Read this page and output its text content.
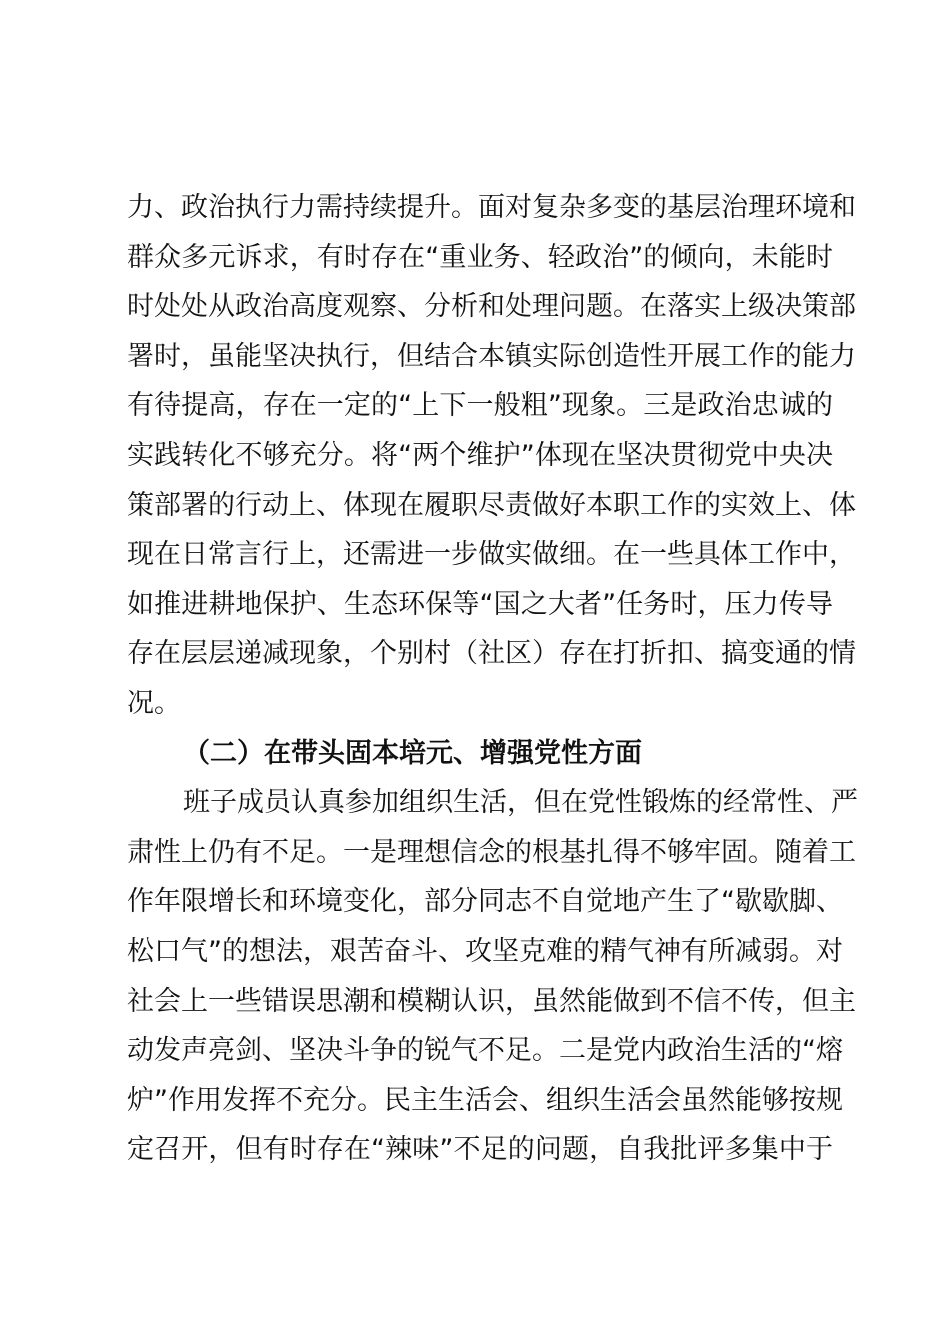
力、政治执行力需持续提升。面对复杂多变的基层治理环境和
群众多元诉求，有时存在“重业务、轻政治”的倾向，未能时
时处处从政治高度观察、分析和处理问题。在落实上级决策部
署时，虽能坚决执行，但结合本镇实际创造性开展工作的能力
有待提高，存在一定的“上下一般粗”现象。三是政治忠诚的
实践转化不够充分。将“两个维护”体现在坚决贯彻党中央决
策部署的行动上、体现在履职尽责做好本职工作的实效上、体
现在日常言行上，还需进一步做实做细。在一些具体工作中，
如推进耕地保护、生态环保等“国之大者”任务时，压力传导
存在层层递减现象，个别村（社区）存在打折扣、搞变通的情
况。
（二）在带头固本培元、增强党性方面
班子成员认真参加组织生活，但在党性锻炼的经常性、严
肃性上仍有不足。一是理想信念的根基扎得不够牢固。随着工
作年限增长和环境变化，部分同志不自觉地产生了“歇歇脚、
松口气”的想法，艰苦奋斗、攻坚克难的精气神有所减弱。对
社会上一些错误思潮和模糊认识，虽然能做到不信不传，但主
动发声亮剑、坚决斗争的锐气不足。二是党内政治生活的“熔
炉”作用发挥不充分。民主生活会、组织生活会虽然能够按规
定召开，但有时存在“辣味”不足的问题，自我批评多集中于
